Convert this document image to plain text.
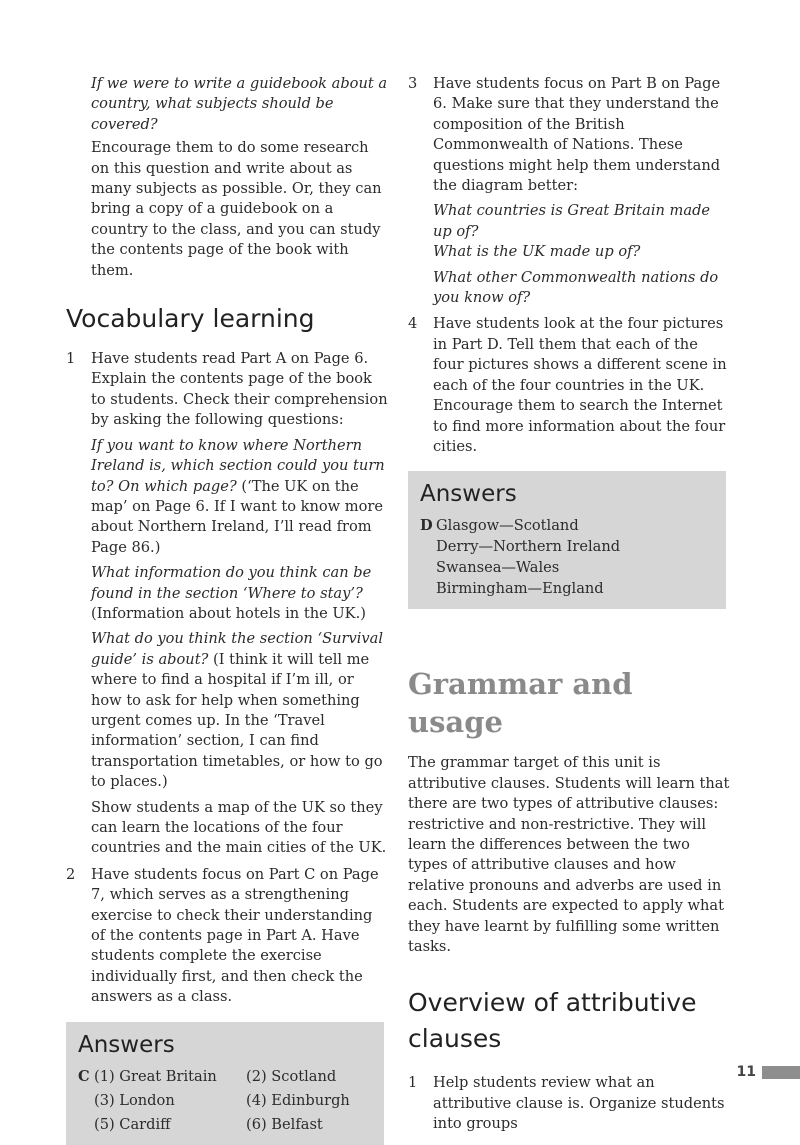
If we were to write a guidebook about a country, what subjects should be covered?

Encourage them to do some research on this question and write about as many subjects as possible. Or, they can bring a copy of a guidebook on a country to the class, and you can study the contents page of the book with them.

Vocabulary learning
1 Have students read Part A on Page 6. Explain the contents page of the book to students. Check their comprehension by asking the following questions:

If you want to know where Northern Ireland is, which section could you turn to? On which page? (‘The UK on the map’ on Page 6. If I want to know more about Northern Ireland, I’ll read from Page 86.)

What information do you think can be found in the section ‘Where to stay’? (Information about hotels in the UK.)

What do you think the section ‘Survival guide’ is about? (I think it will tell me where to find a hospital if I’m ill, or how to ask for help when something urgent comes up. In the ‘Travel information’ section, I can find transportation timetables, or how to go to places.)

Show students a map of the UK so they can learn the locations of the four countries and the main cities of the UK.

2 Have students focus on Part C on Page 7, which serves as a strengthening exercise to check their understanding of the contents page in Part A. Have students complete the exercise individually first, and then check the answers as a class.

Answers
C (1) Great Britain	(2) Scotland
(3) London	(4) Edinburgh
(5) Cardiff	(6) Belfast
3 Have students focus on Part B on Page 6. Make sure that they understand the composition of the British Commonwealth of Nations. These questions might help them understand the diagram better:

What countries is Great Britain made up of?

What is the UK made up of?

What other Commonwealth nations do you know of?

4 Have students look at the four pictures in Part D. Tell them that each of the four pictures shows a different scene in each of the four countries in the UK. Encourage them to search the Internet to find more information about the four cities.

Answers
D Glasgow—Scotland
Derry—Northern Ireland
Swansea—Wales
Birmingham—England
Grammar and usage

The grammar target of this unit is attributive clauses. Students will learn that there are two types of attributive clauses: restrictive and non-restrictive. They will learn the differences between the two types of attributive clauses and how relative pronouns and adverbs are used in each. Students are expected to apply what they have learnt by fulfilling some written tasks.

Overview of attributive clauses
1 Help students review what an attributive clause is. Organize students into groups

11
